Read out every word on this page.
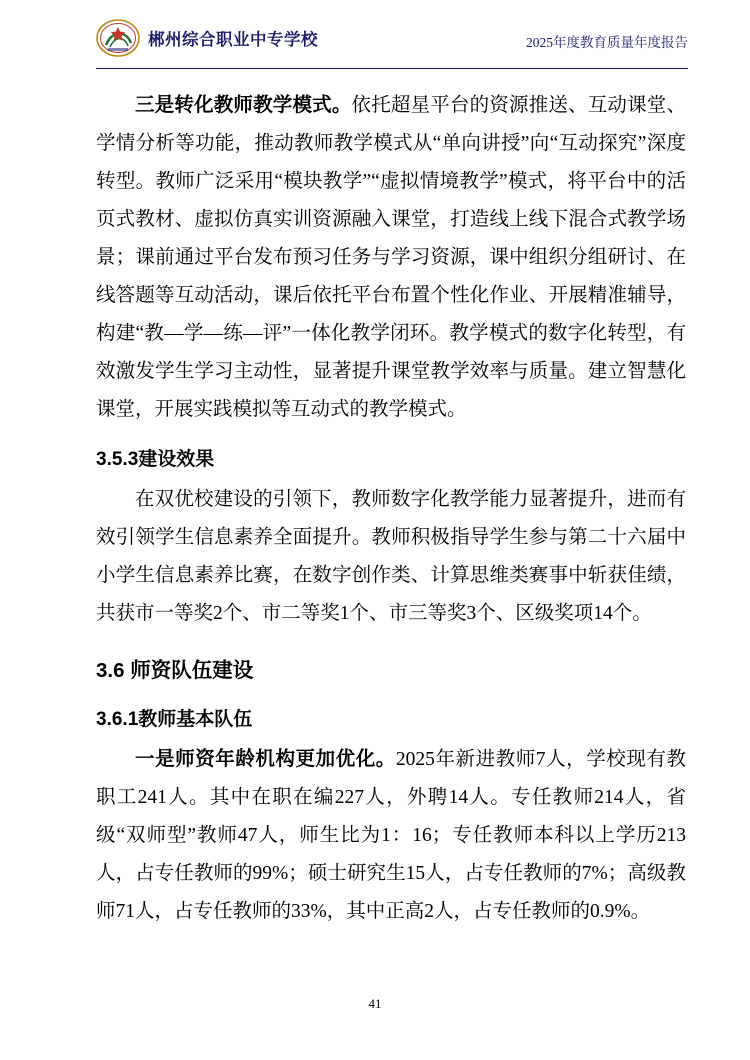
郴州综合职业中专学校	2025年度教育质量年度报告

三是转化教师教学模式。依托超星平台的资源推送、互动课堂、学情分析等功能，推动教师教学模式从“单向讲授”向“互动探究”深度转型。教师广泛采用“模块教学”“虚拟情境教学”模式，将平台中的活页式教材、虚拟仿真实训资源融入课堂，打造线上线下混合式教学场景；课前通过平台发布预习任务与学习资源，课中组织分组研讨、在线答题等互动活动，课后依托平台布置个性化作业、开展精准辅导，构建“教—学—练—评”一体化教学闭环。教学模式的数字化转型，有效激发学生学习主动性，显著提升课堂教学效率与质量。建立智慧化课堂，开展实践模拟等互动式的教学模式。

3.5.3建设效果

在双优校建设的引领下，教师数字化教学能力显著提升，进而有效引领学生信息素养全面提升。教师积极指导学生参与第二十六届中小学生信息素养比赛，在数字创作类、计算思维类赛事中斩获佳绩，共获市一等奖2个、市二等奖1个、市三等奖3个、区级奖项14个。

3.6 师资队伍建设
3.6.1教师基本队伍

一是师资年龄机构更加优化。2025年新进教师7人，学校现有教职工241人。其中在职在编227人，外聘14人。专任教师214人，省级“双师型”教师47人，师生比为1：16；专任教师本科以上学历213人，占专任教师的99%；硕士研究生15人，占专任教师的7%；高级教师71人，占专任教师的33%，其中正高2人，占专任教师的0.9%。

41
